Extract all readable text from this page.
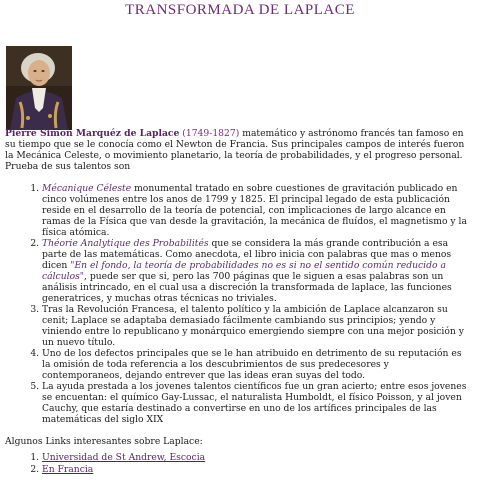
TRANSFORMADA DE LAPLACE
Pierre Simon Marquéz de Laplace (1749-1827) matemático y astrónomo francés tan famoso en su tiempo que se le conocía como el Newton de Francia. Sus principales campos de interés fueron la Mecánica Celeste, o movimiento planetario, la teoría de probabilidades, y el progreso personal. Prueba de sus talentos son
1. Mécanique Céleste monumental tratado en sobre cuestiones de gravitación publicado en cinco volúmenes entre los anos de 1799 y 1825. El principal legado de esta publicación reside en el desarrollo de la teoría de potencial, con implicaciones de largo alcance en ramas de la Física que van desde la gravitación, la mecánica de fluídos, el magnetismo y la física atómica.
2. Théorie Analytique des Probabilités que se considera la más grande contribución a esa parte de las matemáticas. Como anecdota, el libro inicia con palabras que mas o menos dicen "En el fondo, la teoría de probabilidades no es si no el sentido común reducido a cálculos", puede ser que si, pero las 700 páginas que le siguen a esas palabras son un análisis intrincado, en el cual usa a discreción la transformada de laplace, las funciones generatrices, y muchas otras técnicas no triviales.
3. Tras la Revolución Francesa, el talento político y la ambición de Laplace alcanzaron su cenit; Laplace se adaptaba demasiado fácilmente cambiando sus principios; yendo y viniendo entre lo republicano y monárquico emergiendo siempre con una mejor posición y un nuevo título.
4. Uno de los defectos principales que se le han atribuido en detrimento de su reputación es la omisión de toda referencia a los descubrimientos de sus predecesores y contemporaneos, dejando entrever que las ideas eran suyas del todo.
5. La ayuda prestada a los jovenes talentos científicos fue un gran acierto; entre esos jovenes se encuentan: el químico Gay-Lussac, el naturalista Humboldt, el físico Poisson, y al joven Cauchy, que estaría destinado a convertirse en uno de los artífices principales de las matemáticas del siglo XIX
Algunos Links interesantes sobre Laplace:
1. Universidad de St Andrew, Escocia
2. En Francia
